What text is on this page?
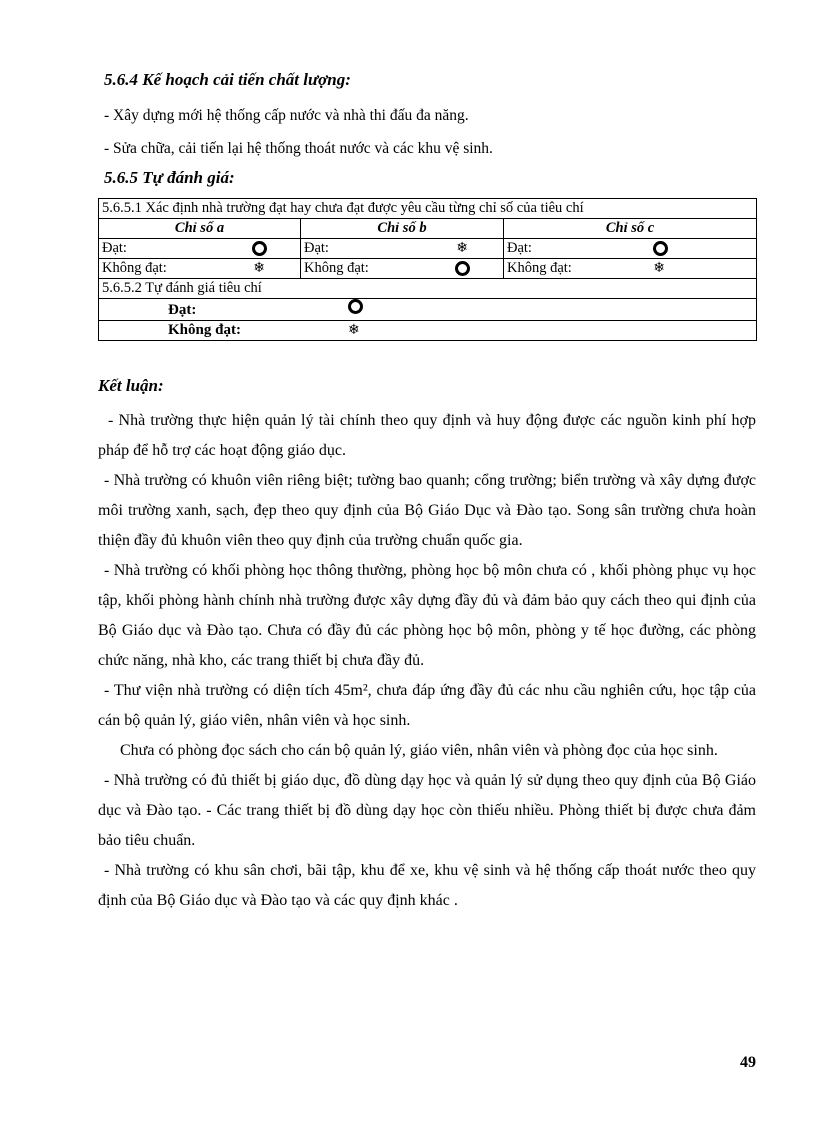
5.6.4 Kế hoạch cải tiến chất lượng:
- Xây dựng mới hệ thống cấp nước và nhà thi đấu đa năng.
- Sửa chữa, cải tiến lại hệ thống thoát nước và các khu vệ sinh.
5.6.5 Tự đánh giá:
5.6.5.1 Xác định nhà trường đạt hay chưa đạt được yêu cầu từng chỉ số của tiêu chí		
Chỉ số a	Chỉ số b	Chỉ số c

Đạt:	Đạt: ❄	Đạt:

Không đạt: ❄	Không đạt:	Không đạt: ❄

5.6.5.2 Tự đánh giá tiêu chí		
Đạt:		
Không đạt: ❄		
Kết luận:

- Nhà trường thực hiện quản lý tài chính theo quy định và huy động được các nguồn kinh phí hợp pháp để hỗ trợ các hoạt động giáo dục.

- Nhà trường có khuôn viên riêng biệt; tường bao quanh; cổng trường; biển trường và xây dựng được môi trường xanh, sạch, đẹp theo quy định của Bộ Giáo Dục và Đào tạo. Song sân trường chưa hoàn thiện đầy đủ khuôn viên theo quy định của trường chuẩn quốc gia.

- Nhà trường có khối phòng học thông thường, phòng học bộ môn chưa có , khối phòng phục vụ học tập, khối phòng hành chính nhà trường được xây dựng đầy đủ và đảm bảo quy cách theo qui định của Bộ Giáo dục và Đào tạo. Chưa có đầy đủ các phòng học bộ môn, phòng y tế học đường, các phòng chức năng, nhà kho, các trang thiết bị chưa đầy đủ.

- Thư viện nhà trường có diện tích 45m², chưa đáp ứng đầy đủ các nhu cầu nghiên cứu, học tập của cán bộ quản lý, giáo viên, nhân viên và học sinh.

Chưa có phòng đọc sách cho cán bộ quản lý, giáo viên, nhân viên và phòng đọc của học sinh.

- Nhà trường có đủ thiết bị giáo dục, đồ dùng dạy học và quản lý sử dụng theo quy định của Bộ Giáo dục và Đào tạo. - Các trang thiết bị đồ dùng dạy học còn thiếu nhiều. Phòng thiết bị được chưa đảm bảo tiêu chuẩn.

- Nhà trường có khu sân chơi, bãi tập, khu để xe, khu vệ sinh và hệ thống cấp thoát nước theo quy định của Bộ Giáo dục và Đào tạo và các quy định khác .

49
